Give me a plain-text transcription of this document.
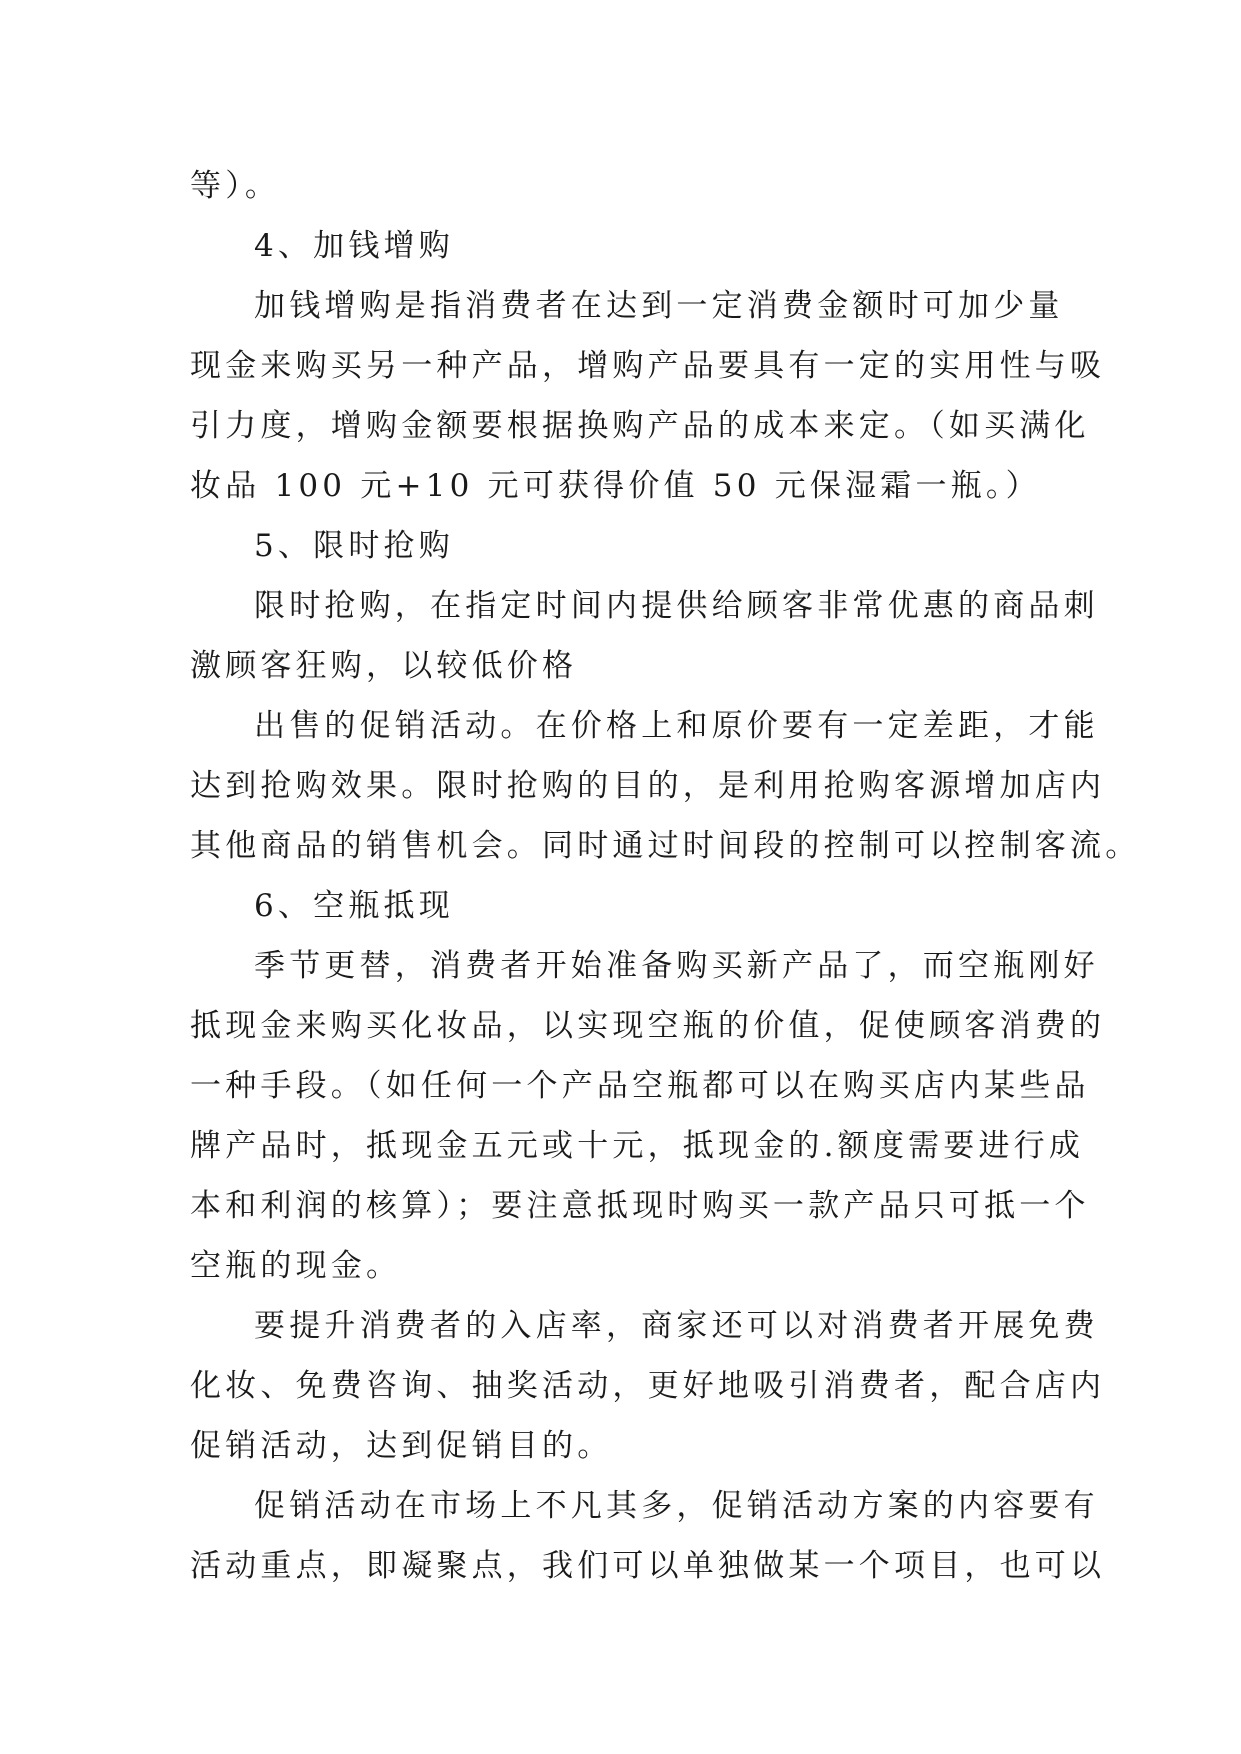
等）。

4、加钱增购

加钱增购是指消费者在达到一定消费金额时可加少量

现金来购买另一种产品，增购产品要具有一定的实用性与吸

引力度，增购金额要根据换购产品的成本来定。（如买满化

妆品 100 元+10 元可获得价值 50 元保湿霜一瓶。）

5、限时抢购

限时抢购，在指定时间内提供给顾客非常优惠的商品刺

激顾客狂购，以较低价格

出售的促销活动。在价格上和原价要有一定差距，才能

达到抢购效果。限时抢购的目的，是利用抢购客源增加店内

其他商品的销售机会。同时通过时间段的控制可以控制客流。

6、空瓶抵现

季节更替，消费者开始准备购买新产品了，而空瓶刚好

抵现金来购买化妆品，以实现空瓶的价值，促使顾客消费的

一种手段。（如任何一个产品空瓶都可以在购买店内某些品

牌产品时，抵现金五元或十元，抵现金的.额度需要进行成

本和利润的核算）；要注意抵现时购买一款产品只可抵一个

空瓶的现金。

要提升消费者的入店率，商家还可以对消费者开展免费

化妆、免费咨询、抽奖活动，更好地吸引消费者，配合店内

促销活动，达到促销目的。

促销活动在市场上不凡其多，促销活动方案的内容要有

活动重点，即凝聚点，我们可以单独做某一个项目，也可以
